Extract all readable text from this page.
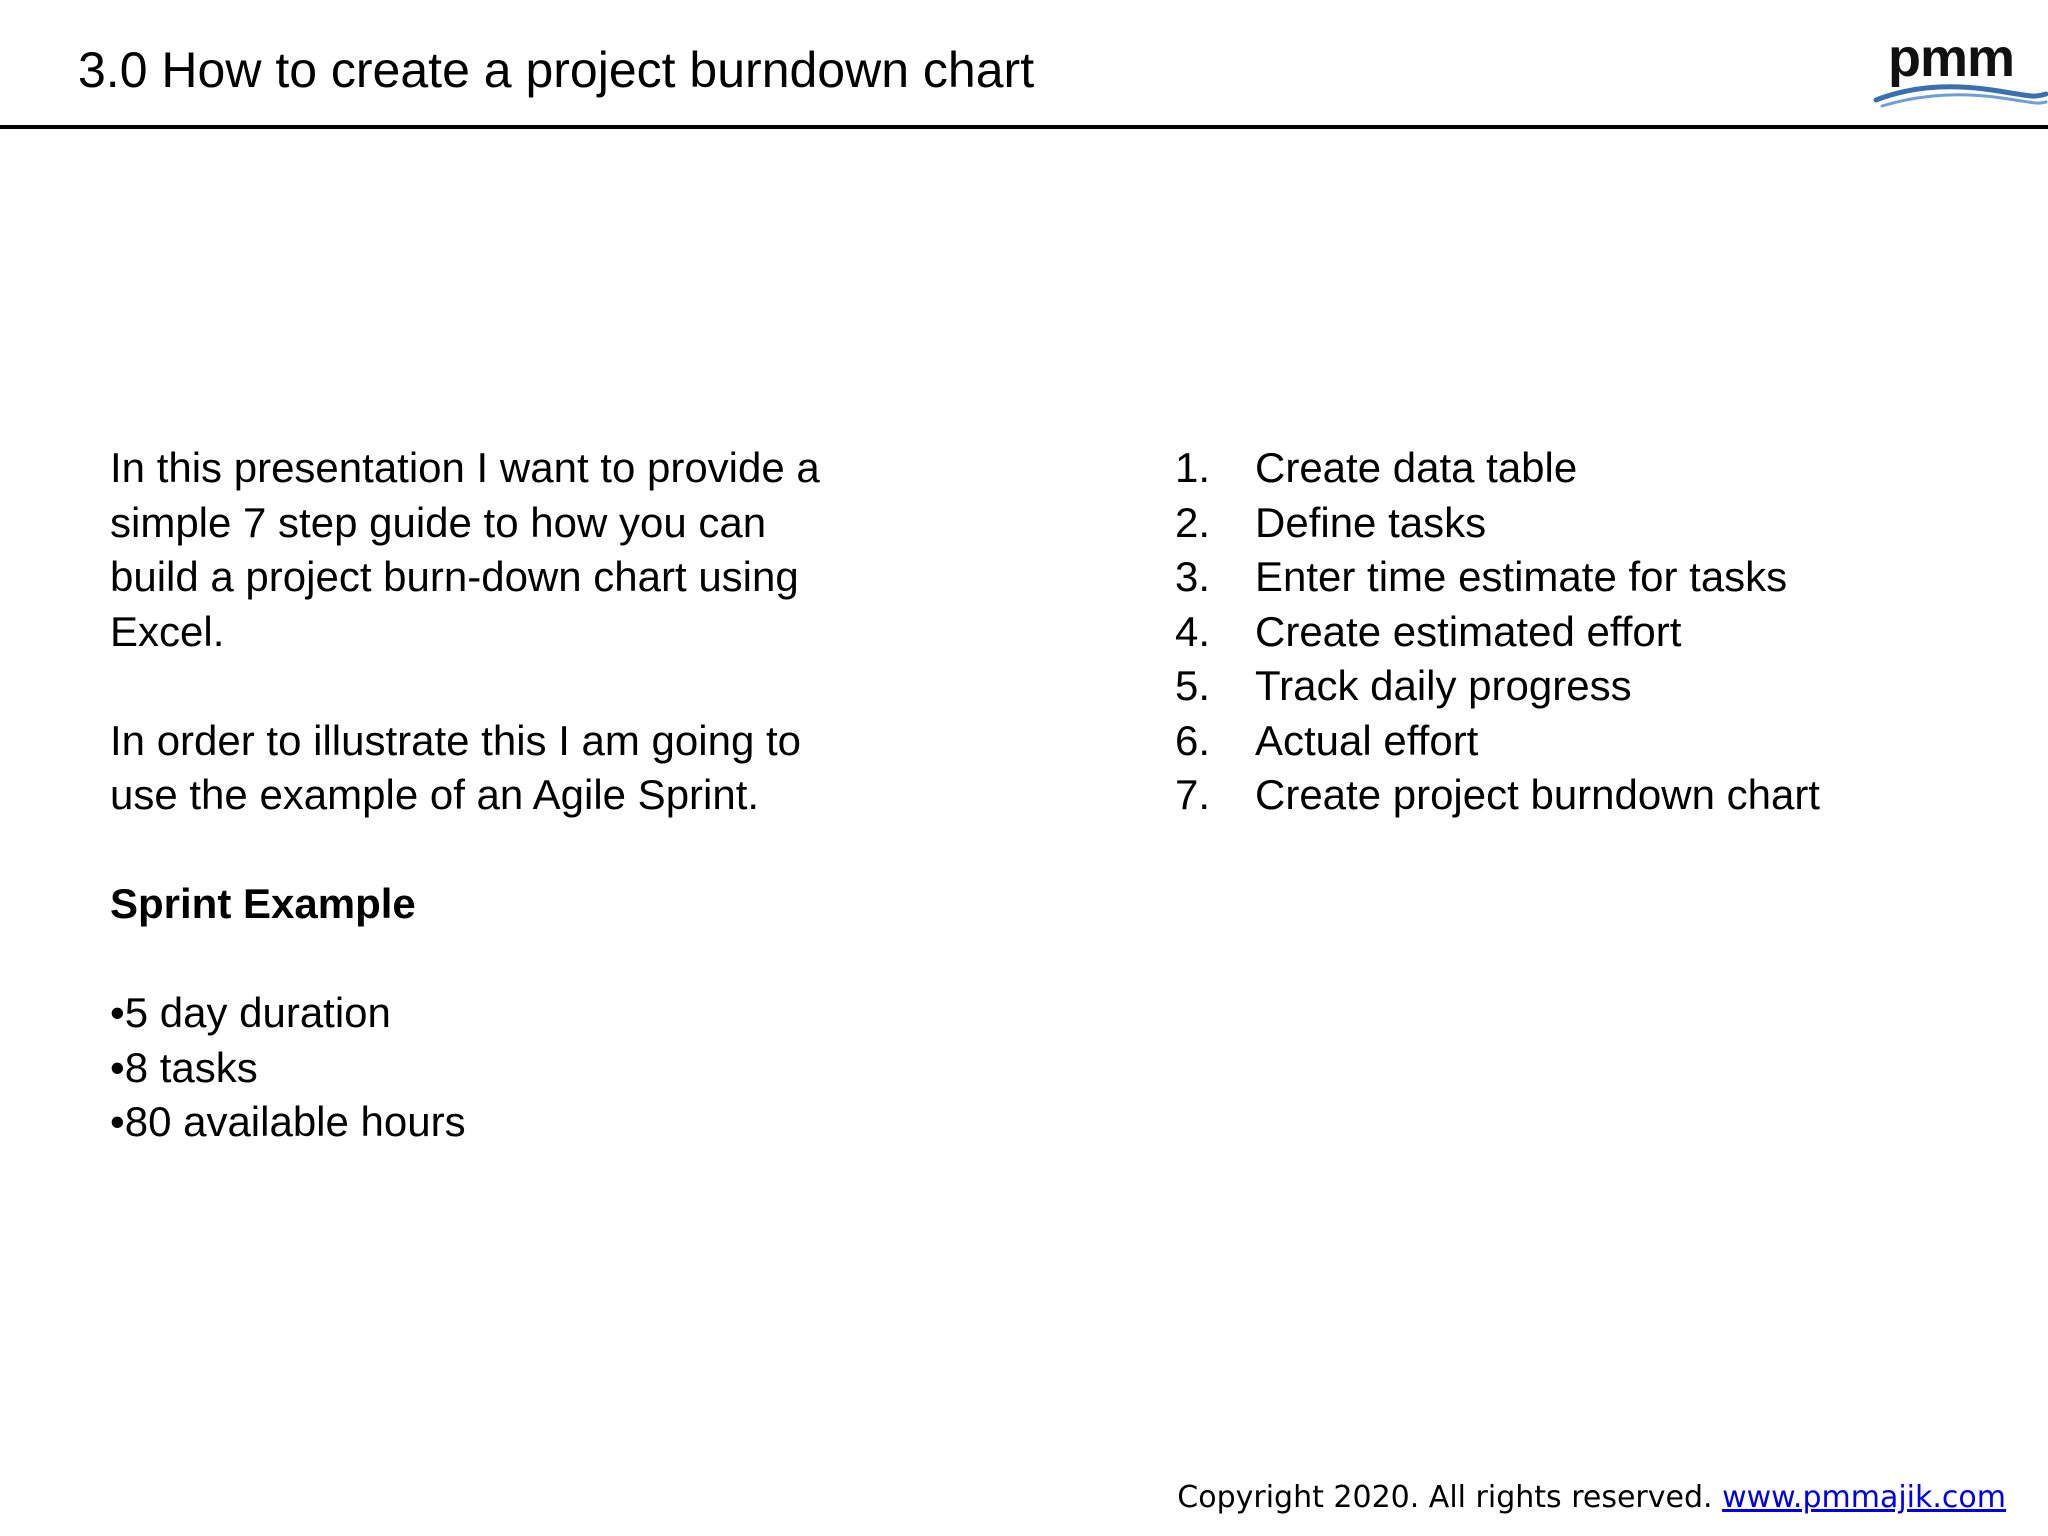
3.0 How to create a project burndown chart	pmm

In this presentation I want to provide a

simple 7 step guide to how you can

build a project burn-down chart using

Excel.

In order to illustrate this I am going to

use the example of an Agile Sprint.

Sprint Example

•5 day duration

•8 tasks

•80 available hours

1.	Create data table
2.	Define tasks
3.	Enter time estimate for tasks
4.	Create estimated effort
5.	Track daily progress
6.	Actual effort
7.	Create project burndown chart
Copyright 2020. All rights reserved. www.pmmajik.com
